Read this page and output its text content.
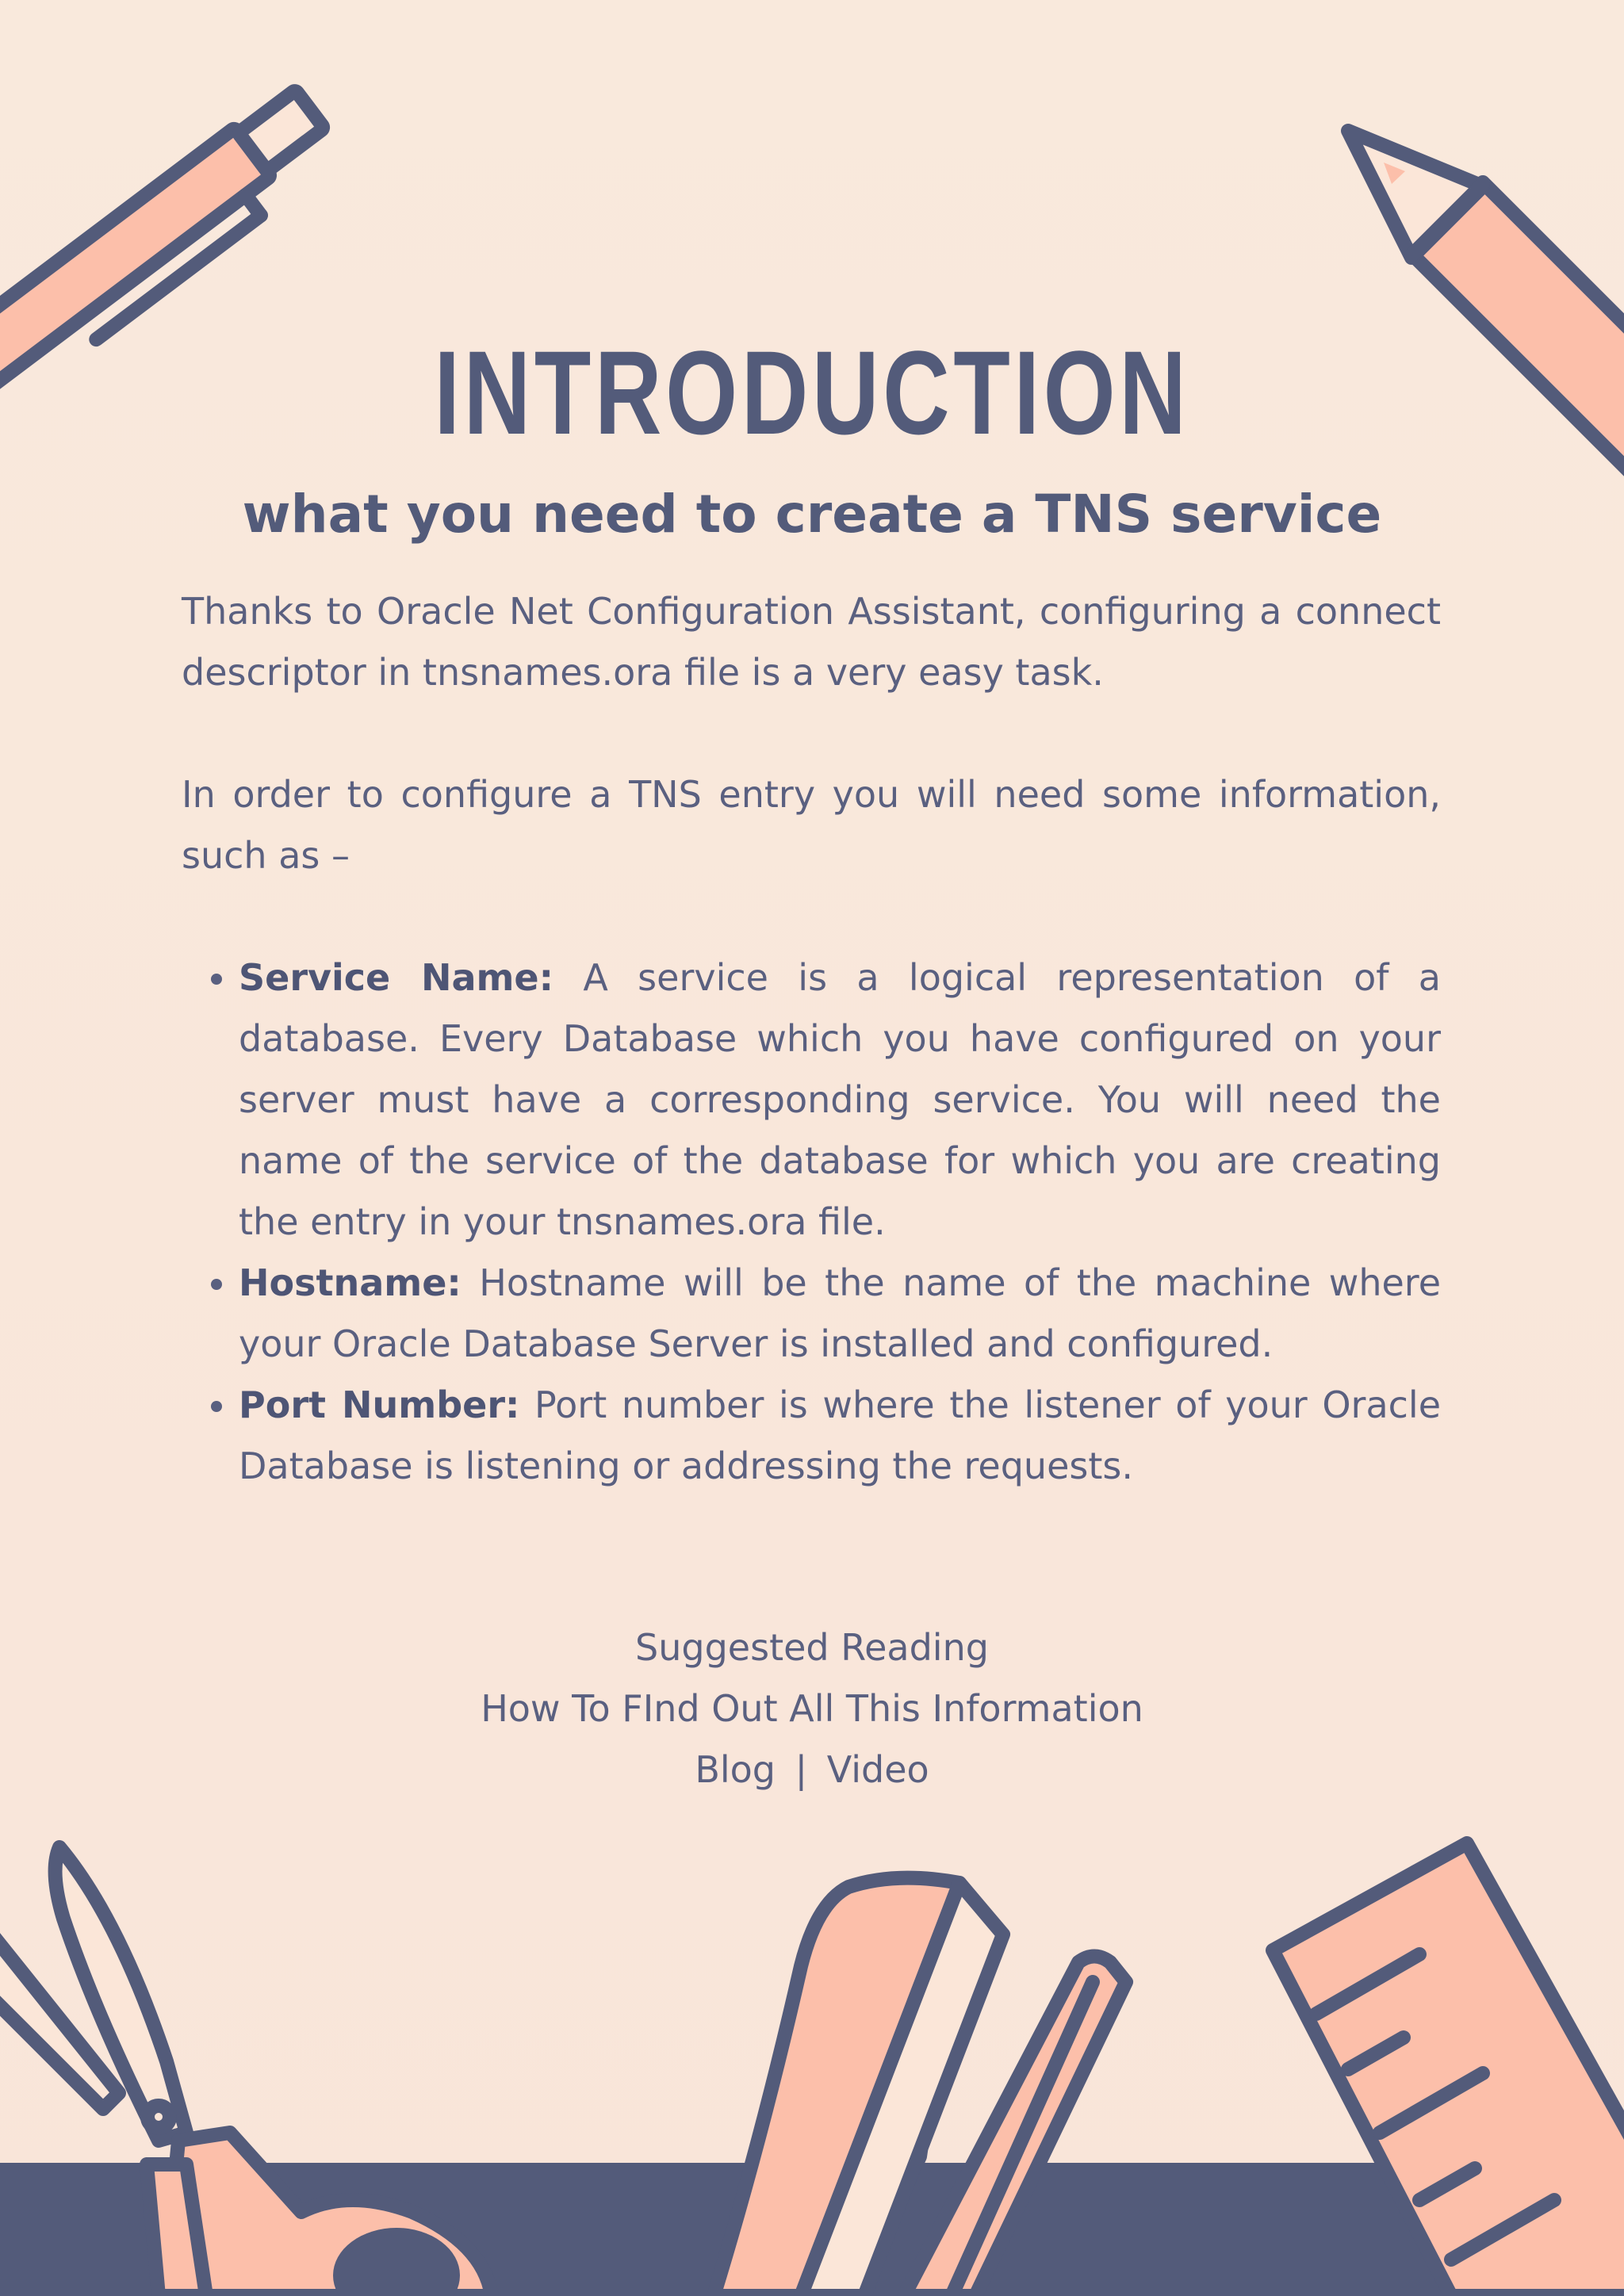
INTRODUCTION
what you need to create a TNS service

Thanks to Oracle Net Configuration Assistant, configuring a connect descriptor in tnsnames.ora file is a very easy task.

In order to configure a TNS entry you will need some information, such as –

• Service Name: A service is a logical representation of a database. Every Database which you have configured on your server must have a corresponding service. You will need the name of the service of the database for which you are creating the entry in your tnsnames.ora file.
• Hostname: Hostname will be the name of the machine where your Oracle Database Server is installed and configured.
• Port Number: Port number is where the listener of your Oracle Database is listening or addressing the requests.
Suggested Reading
How To FInd Out All This Information
Blog | Video
